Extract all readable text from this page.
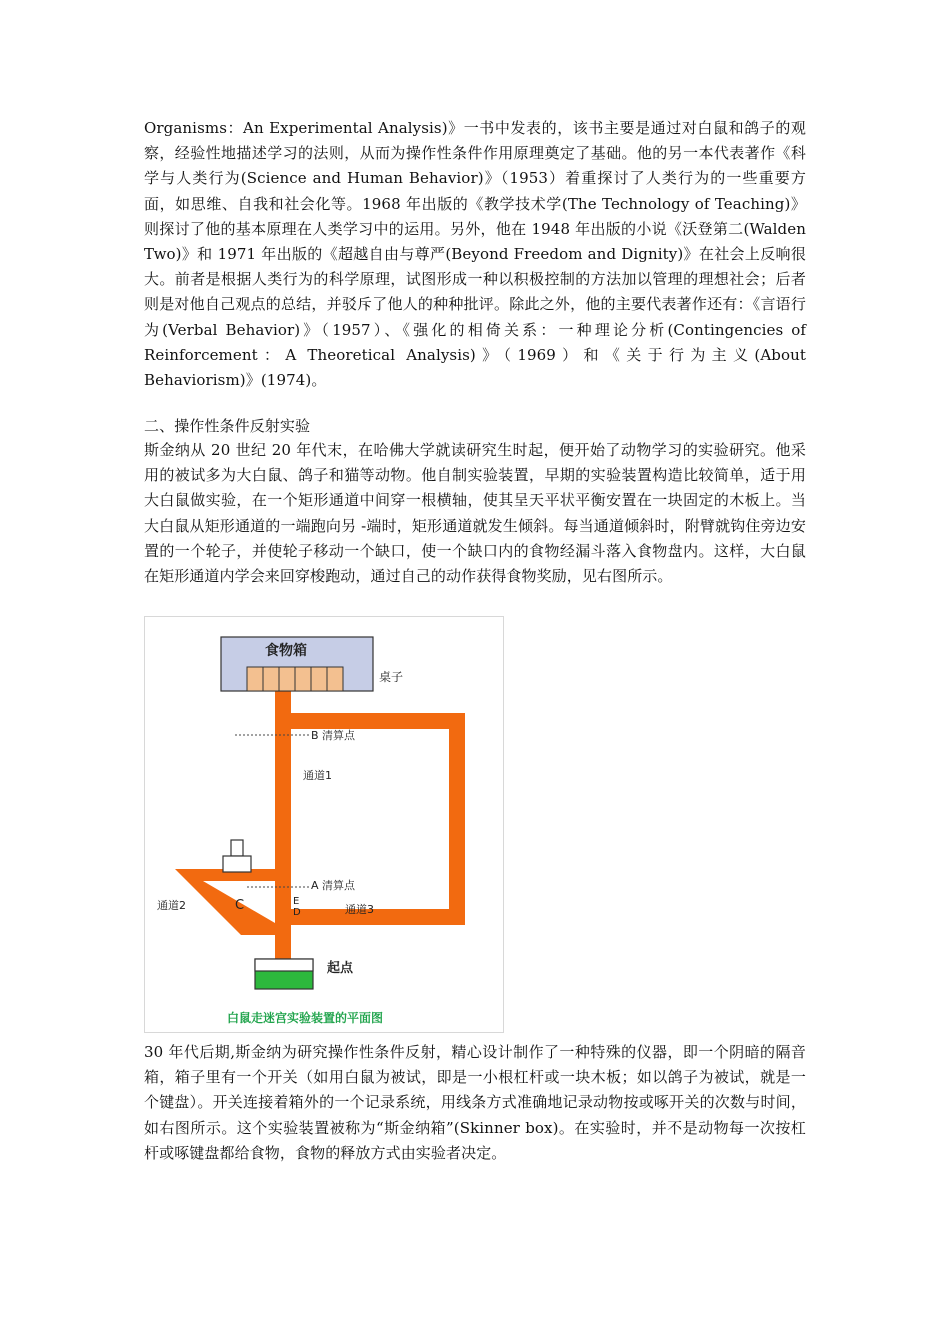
Organisms：An Experimental Analysis)》一书中发表的，该书主要是通过对白鼠和鸽子的观察，经验性地描述学习的法则，从而为操作性条件作用原理奠定了基础。他的另一本代表著作《科学与人类行为(Science and Human Behavior)》（1953）着重探讨了人类行为的一些重要方面，如思维、自我和社会化等。1968 年出版的《教学技术学(The Technology of Teaching)》则探讨了他的基本原理在人类学习中的运用。另外，他在 1948 年出版的小说《沃登第二(Walden Two)》和 1971 年出版的《超越自由与尊严(Beyond Freedom and Dignity)》在社会上反响很大。前者是根据人类行为的科学原理，试图形成一种以积极控制的方法加以管理的理想社会；后者则是对他自己观点的总结，并驳斥了他人的种种批评。除此之外，他的主要代表著作还有：《言语行为(Verbal Behavior)》（1957）、《强化的相倚关系：一种理论分析(Contingencies of Reinforcement：A Theoretical Analysis)》（1969）和《关于行为主义(About Behaviorism)》(1974)。

二、操作性条件反射实验

斯金纳从 20 世纪 20 年代末，在哈佛大学就读研究生时起，便开始了动物学习的实验研究。他采用的被试多为大白鼠、鸽子和猫等动物。他自制实验装置，早期的实验装置构造比较简单，适于用大白鼠做实验，在一个矩形通道中间穿一根横轴，使其呈天平状平衡安置在一块固定的木板上。当大白鼠从矩形通道的一端跑向另 -端时，矩形通道就发生倾斜。每当通道倾斜时，附臂就钩住旁边安置的一个轮子，并使轮子移动一个缺口，使一个缺口内的食物经漏斗落入食物盘内。这样，大白鼠在矩形通道内学会来回穿梭跑动，通过自己的动作获得食物奖励，见右图所示。

食物箱
桌子
B 清算点
通道1
A 清算点
通道2	C	E
D	通道3
起点
白鼠走迷宫实验装置的平面图

30 年代后期,斯金纳为研究操作性条件反射，精心设计制作了一种特殊的仪器，即一个阴暗的隔音箱，箱子里有一个开关（如用白鼠为被试，即是一小根杠杆或一块木板；如以鸽子为被试，就是一个键盘）。开关连接着箱外的一个记录系统，用线条方式准确地记录动物按或啄开关的次数与时间，如右图所示。这个实验装置被称为“斯金纳箱”(Skinner box)。在实验时，并不是动物每一次按杠杆或啄键盘都给食物，食物的释放方式由实验者决定。
